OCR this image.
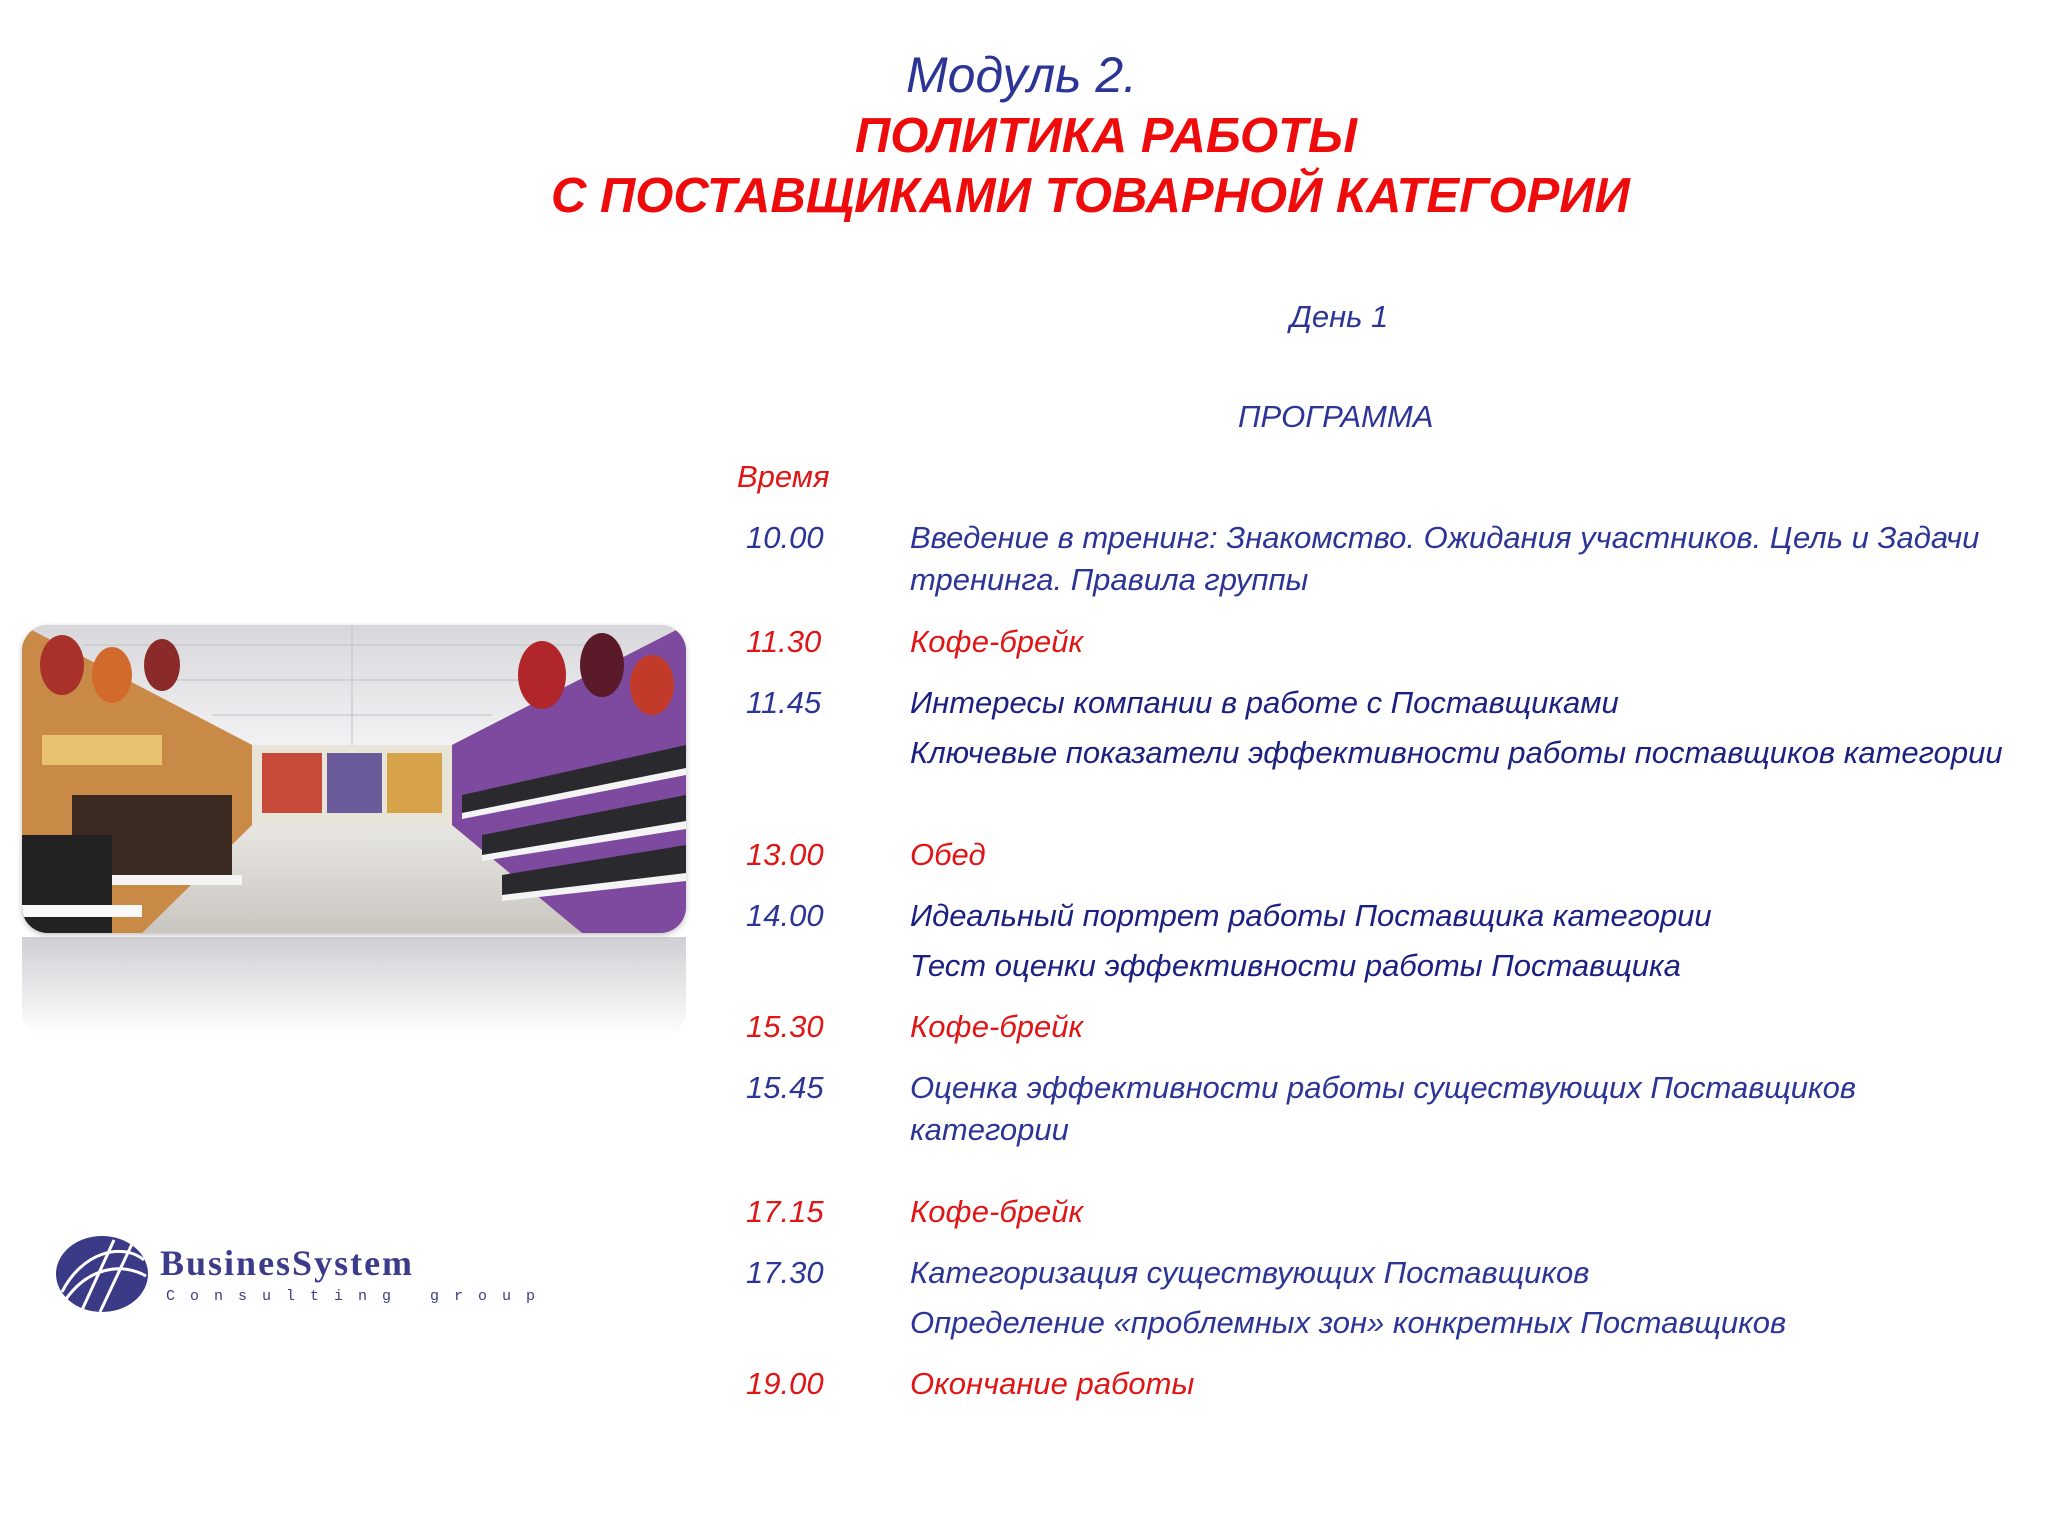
Модуль 2.
ПОЛИТИКА РАБОТЫ
С ПОСТАВЩИКАМИ ТОВАРНОЙ КАТЕГОРИИ
День 1
ПРОГРАММА
Время
10.00	Введение в тренинг: Знакомство. Ожидания участников. Цель и Задачи тренинга. Правила группы
11.30	Кофе-брейк
11.45	Интересы компании в работе с Поставщиками
Ключевые показатели эффективности работы поставщиков категории
13.00	Обед
14.00	Идеальный портрет работы Поставщика категории
Тест оценки эффективности работы Поставщика
15.30	Кофе-брейк
15.45	Оценка эффективности работы существующих Поставщиков категории
17.15	Кофе-брейк
17.30	Категоризация существующих Поставщиков
Определение «проблемных зон» конкретных Поставщиков
19.00	Окончание работы
BusinesSystem
Consulting group
